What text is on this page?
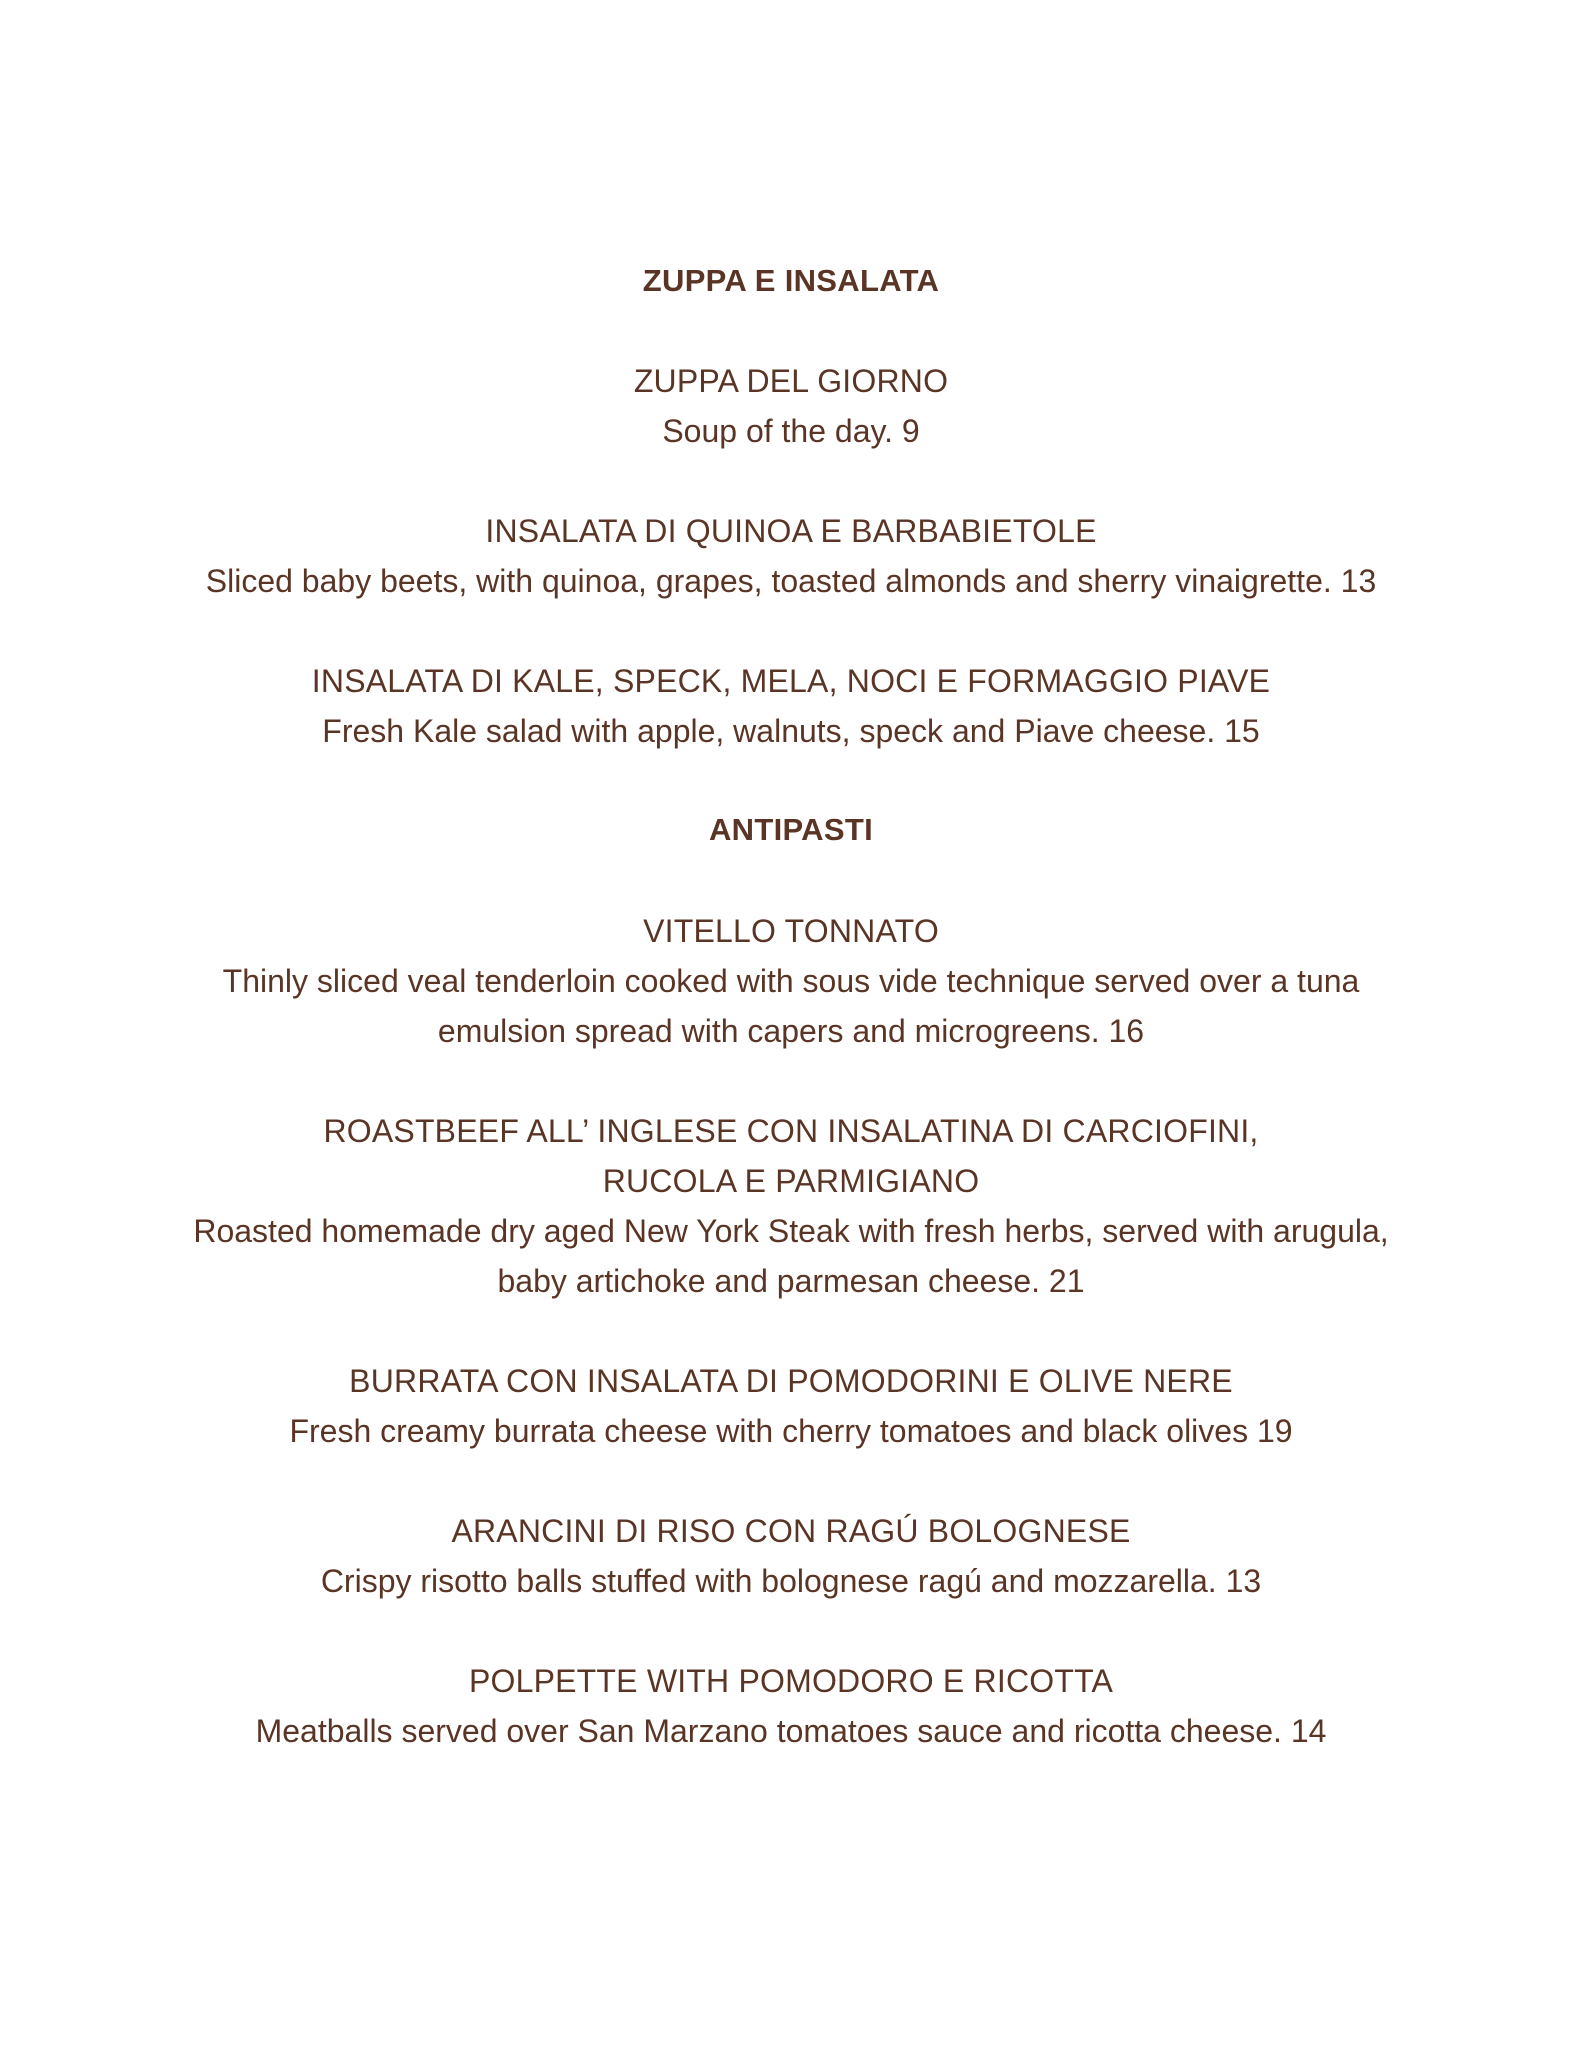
ZUPPA E INSALATA

ZUPPA DEL GIORNO

Soup of the day. 9

INSALATA DI QUINOA E BARBABIETOLE

Sliced baby beets, with quinoa, grapes, toasted almonds and sherry vinaigrette. 13

INSALATA DI KALE, SPECK, MELA, NOCI E FORMAGGIO PIAVE

Fresh Kale salad with apple, walnuts, speck and Piave cheese. 15

ANTIPASTI

VITELLO TONNATO

Thinly sliced veal tenderloin cooked with sous vide technique served over a tuna

emulsion spread with capers and microgreens. 16

ROASTBEEF ALL’ INGLESE CON INSALATINA DI CARCIOFINI,

RUCOLA E PARMIGIANO

Roasted homemade dry aged New York Steak with fresh herbs, served with arugula,

baby artichoke and parmesan cheese. 21

BURRATA CON INSALATA DI POMODORINI E OLIVE NERE

Fresh creamy burrata cheese with cherry tomatoes and black olives 19

ARANCINI DI RISO CON RAGÚ BOLOGNESE

Crispy risotto balls stuffed with bolognese ragú and mozzarella. 13

POLPETTE WITH POMODORO E RICOTTA

Meatballs served over San Marzano tomatoes sauce and ricotta cheese. 14
